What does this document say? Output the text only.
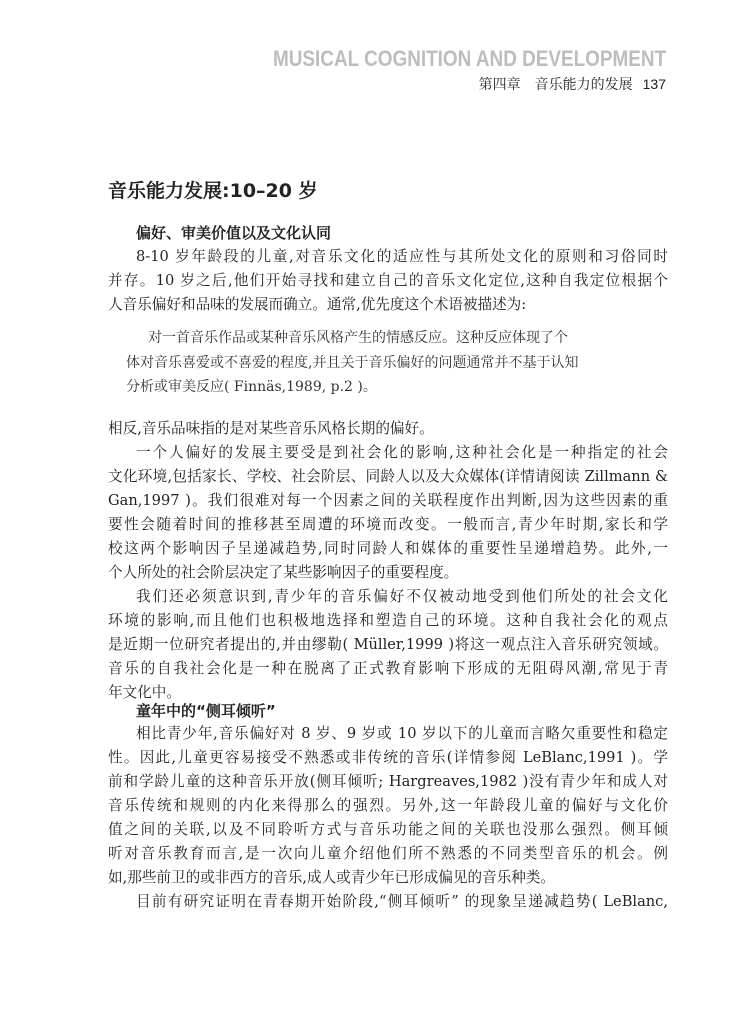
MUSICAL COGNITION AND DEVELOPMENT
第四章　音乐能力的发展 137
音乐能力发展:10–20 岁
偏好、审美价值以及文化认同
8-10 岁年龄段的儿童,对音乐文化的适应性与其所处文化的原则和习俗同时
并存。10 岁之后,他们开始寻找和建立自己的音乐文化定位,这种自我定位根据个
人音乐偏好和品味的发展而确立。通常,优先度这个术语被描述为:
对一首音乐作品或某种音乐风格产生的情感反应。这种反应体现了个
体对音乐喜爱或不喜爱的程度,并且关于音乐偏好的问题通常并不基于认知
分析或审美反应( Finnäs,1989, p.2 )。
相反,音乐品味指的是对某些音乐风格长期的偏好。
一个人偏好的发展主要受是到社会化的影响,这种社会化是一种指定的社会
文化环境,包括家长、学校、社会阶层、同龄人以及大众媒体(详情请阅读 Zillmann &
Gan,1997 )。我们很难对每一个因素之间的关联程度作出判断,因为这些因素的重
要性会随着时间的推移甚至周遭的环境而改变。一般而言,青少年时期,家长和学
校这两个影响因子呈递减趋势,同时同龄人和媒体的重要性呈递增趋势。此外,一
个人所处的社会阶层决定了某些影响因子的重要程度。
我们还必须意识到,青少年的音乐偏好不仅被动地受到他们所处的社会文化
环境的影响,而且他们也积极地选择和塑造自己的环境。这种自我社会化的观点
是近期一位研究者提出的,并由缪勒( Müller,1999 )将这一观点注入音乐研究领域。
音乐的自我社会化是一种在脱离了正式教育影响下形成的无阻碍风潮,常见于青
年文化中。
童年中的“侧耳倾听”
相比青少年,音乐偏好对 8 岁、9 岁或 10 岁以下的儿童而言略欠重要性和稳定
性。因此,儿童更容易接受不熟悉或非传统的音乐(详情参阅 LeBlanc,1991 )。学
前和学龄儿童的这种音乐开放(侧耳倾听; Hargreaves,1982 )没有青少年和成人对
音乐传统和规则的内化来得那么的强烈。另外,这一年龄段儿童的偏好与文化价
值之间的关联,以及不同聆听方式与音乐功能之间的关联也没那么强烈。侧耳倾
听对音乐教育而言,是一次向儿童介绍他们所不熟悉的不同类型音乐的机会。例
如,那些前卫的或非西方的音乐,成人或青少年已形成偏见的音乐种类。
目前有研究证明在青春期开始阶段,“侧耳倾听” 的现象呈递减趋势( LeBlanc,
